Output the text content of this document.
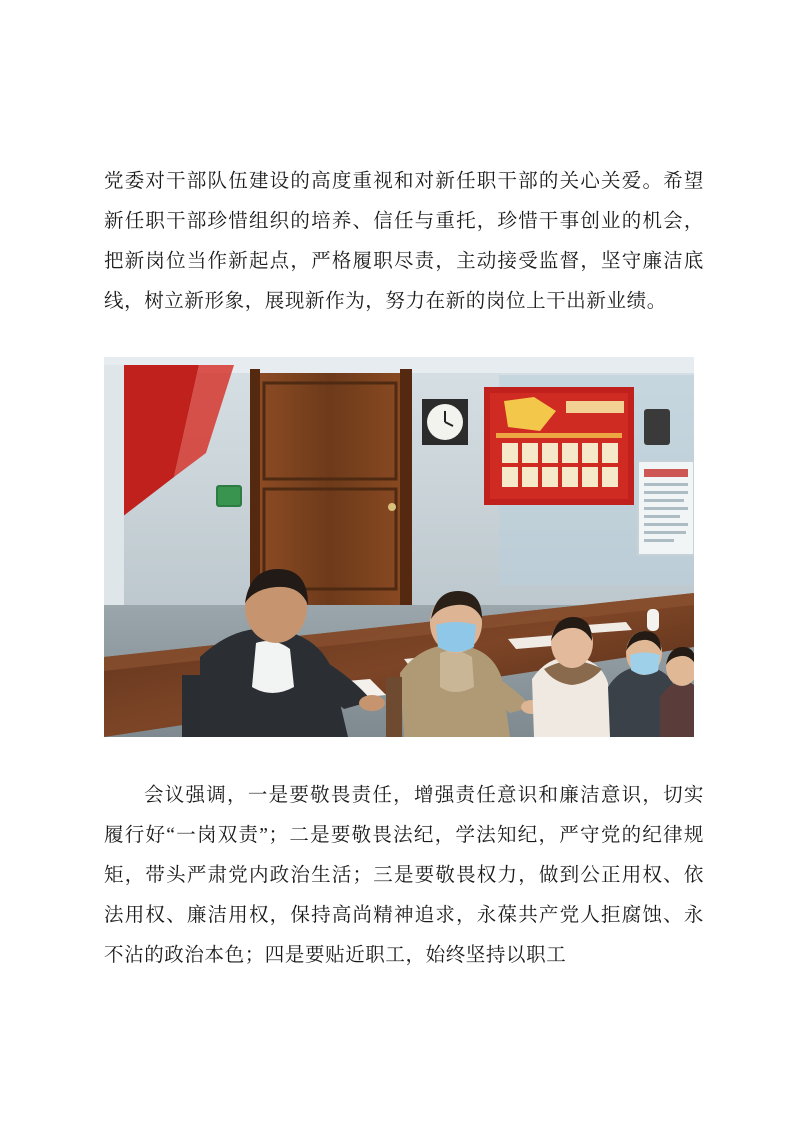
党委对干部队伍建设的高度重视和对新任职干部的关心关爱。希望新任职干部珍惜组织的培养、信任与重托，珍惜干事创业的机会，把新岗位当作新起点，严格履职尽责，主动接受监督，坚守廉洁底线，树立新形象，展现新作为，努力在新的岗位上干出新业绩。

会议强调，一是要敬畏责任，增强责任意识和廉洁意识，切实履行好“一岗双责”；二是要敬畏法纪，学法知纪，严守党的纪律规矩，带头严肃党内政治生活；三是要敬畏权力，做到公正用权、依法用权、廉洁用权，保持高尚精神追求，永葆共产党人拒腐蚀、永不沾的政治本色；四是要贴近职工，始终坚持以职工
